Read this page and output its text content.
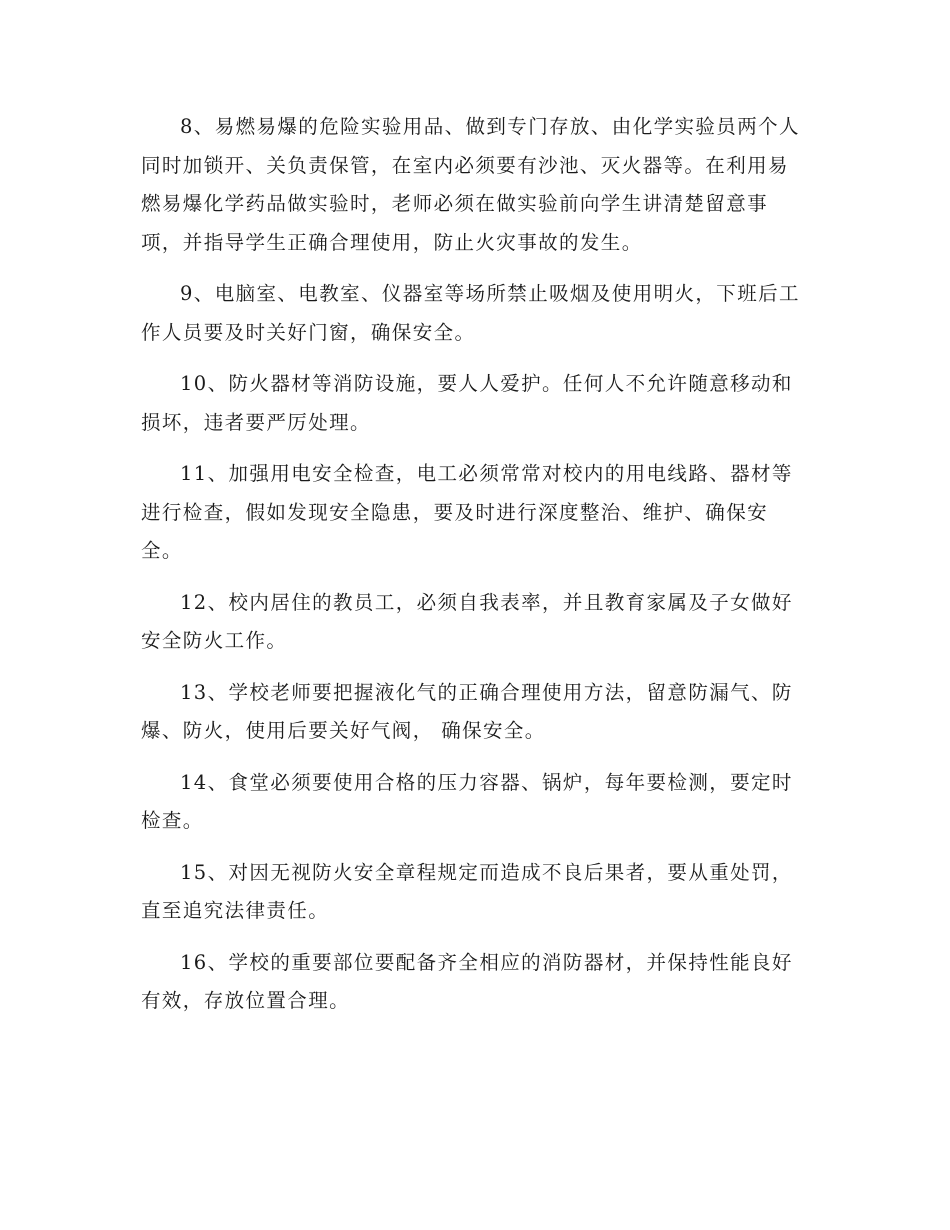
8、易燃易爆的危险实验用品、做到专门存放、由化学实验员两个人同时加锁开、关负责保管，在室内必须要有沙池、灭火器等。在利用易燃易爆化学药品做实验时，老师必须在做实验前向学生讲清楚留意事项，并指导学生正确合理使用，防止火灾事故的发生。

9、电脑室、电教室、仪器室等场所禁止吸烟及使用明火，下班后工作人员要及时关好门窗，确保安全。

10、防火器材等消防设施，要人人爱护。任何人不允许随意移动和损坏，违者要严厉处理。

11、加强用电安全检查，电工必须常常对校内的用电线路、器材等进行检查，假如发现安全隐患，要及时进行深度整治、维护、确保安全。

12、校内居住的教员工，必须自我表率，并且教育家属及子女做好安全防火工作。

13、学校老师要把握液化气的正确合理使用方法，留意防漏气、防爆、防火，使用后要关好气阀， 确保安全。

14、食堂必须要使用合格的压力容器、锅炉，每年要检测，要定时检查。

15、对因无视防火安全章程规定而造成不良后果者，要从重处罚，直至追究法律责任。

16、学校的重要部位要配备齐全相应的消防器材，并保持性能良好有效，存放位置合理。
